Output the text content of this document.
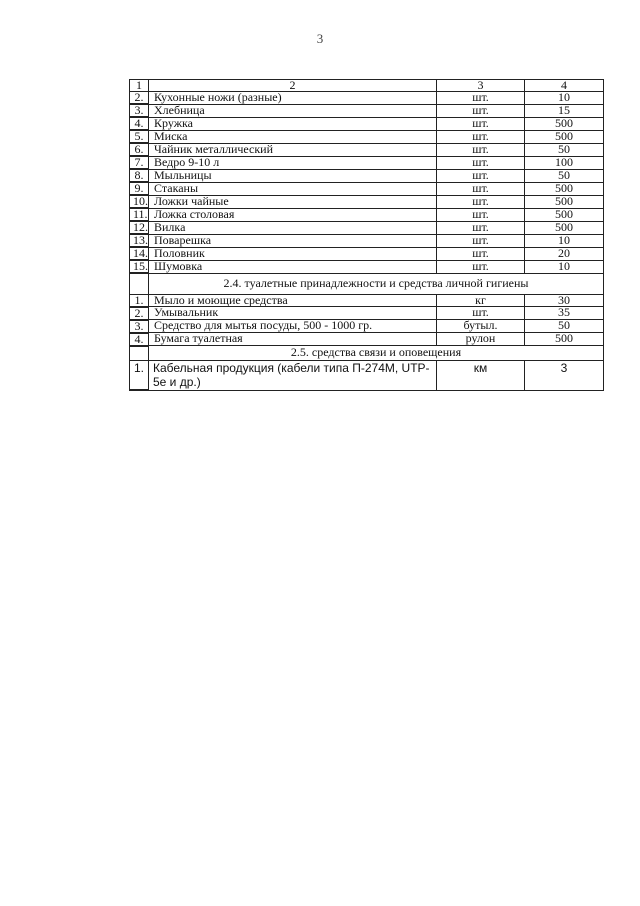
3
1	2	3	4
2.	Кухонные ножи (разные)	шт.	10
3.	Хлебница	шт.	15
4.	Кружка	шт.	500
5.	Миска	шт.	500
6.	Чайник металлический	шт.	50
7.	Ведро 9-10 л	шт.	100
8.	Мыльницы	шт.	50
9.	Стаканы	шт.	500
10.	Ложки чайные	шт.	500
11.	Ложка столовая	шт.	500
12.	Вилка	шт.	500
13.	Поварешка	шт.	10
14.	Половник	шт.	20
15.	Шумовка	шт.	10
	2.4. туалетные принадлежности и средства личной гигиены		
1.	Мыло и моющие средства	кг	30
2.	Умывальник	шт.	35
3.	Средство для мытья посуды, 500 - 1000 гр.	бутыл.	50
4.	Бумага туалетная	рулон	500
	2.5. средства связи и оповещения		
1.	Кабельная продукция (кабели типа П-274М, UTP-5e и др.)	км	3
